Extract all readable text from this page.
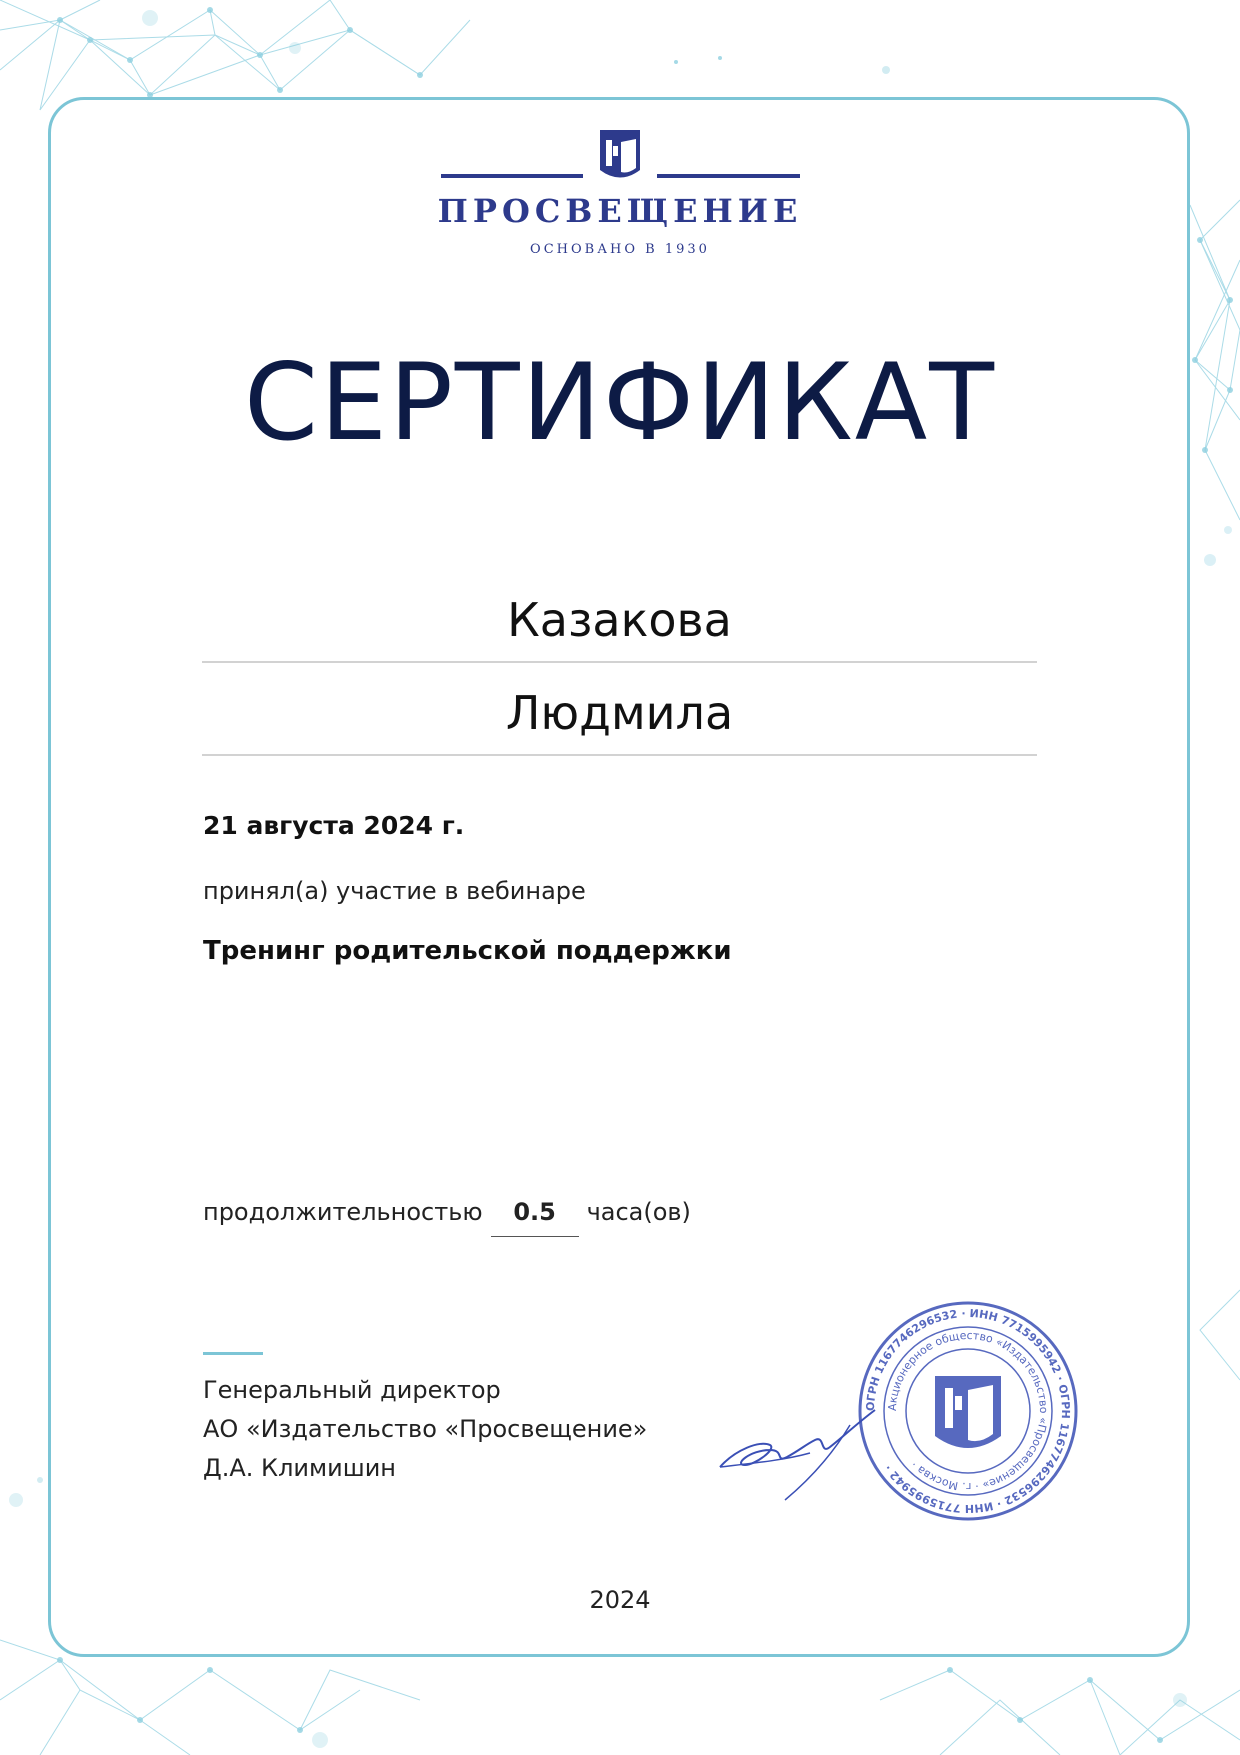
ПРОСВЕЩЕНИЕ
ОСНОВАНО В 1930
СЕРТИФИКАТ
Казакова
Людмила
21 августа 2024 г.
принял(а) участие в вебинаре
Тренинг родительской поддержки
продолжительностью	0.5	часа(ов)
Генеральный директор
АО «Издательство «Просвещение»
Д.А. Климишин
ОГРН 1167746296532 · ИНН 7715995942 · ОГРН 1167746296532 · ИНН 7715995942 ·
Акционерное общество «Издательство «Просвещение» · г. Москва ·
2024
